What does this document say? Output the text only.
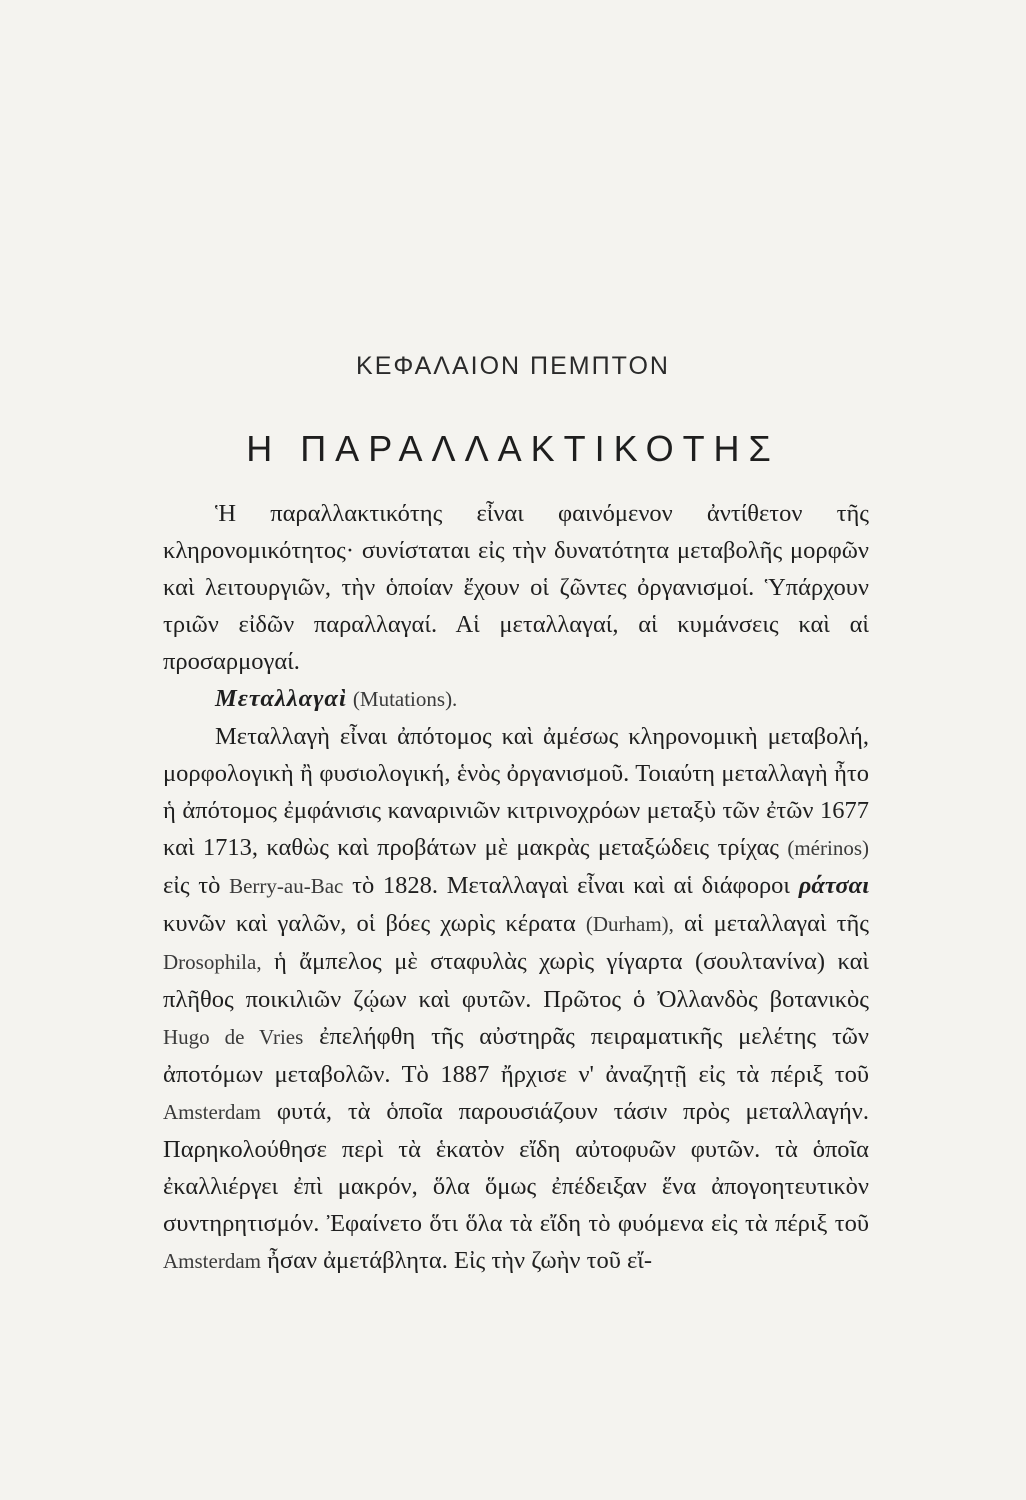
ΚΕΦΑΛΑΙΟΝ ΠΕΜΠΤΟΝ
Η ΠΑΡΑΛΛΑΚΤΙΚΟΤΗΣ

Ἡ παραλλακτικότης εἶναι φαινόμενον ἀντίθετον τῆς κληρονομικότητος· συνίσταται εἰς τὴν δυνατότητα μεταβολῆς μορφῶν καὶ λειτουργιῶν, τὴν ὁποίαν ἔχουν οἱ ζῶντες ὀργανισμοί. Ὑπάρχουν τριῶν εἰδῶν παραλλαγαί. Αἱ μεταλλαγαί, αἱ κυμάνσεις καὶ αἱ προσαρμογαί.

Μεταλλαγαὶ (Mutations).

Μεταλλαγὴ εἶναι ἀπότομος καὶ ἀμέσως κληρονομικὴ μεταβολή, μορφολογικὴ ἢ φυσιολογική, ἑνὸς ὀργανισμοῦ. Τοιαύτη μεταλλαγὴ ἦτο ἡ ἀπότομος ἐμφάνισις καναρινιῶν κιτρινοχρόων μεταξὺ τῶν ἐτῶν 1677 καὶ 1713, καθὼς καὶ προβάτων μὲ μακρὰς μεταξώδεις τρίχας (mérinos) εἰς τὸ Berry-au-Bac τὸ 1828. Μεταλλαγαὶ εἶναι καὶ αἱ διάφοροι ράτσαι κυνῶν καὶ γαλῶν, οἱ βόες χωρὶς κέρατα (Durham), αἱ μεταλλαγαὶ τῆς Drosophila, ἡ ἄμπελος μὲ σταφυλὰς χωρὶς γίγαρτα (σουλτανίνα) καὶ πλῆθος ποικιλιῶν ζῴων καὶ φυτῶν. Πρῶτος ὁ Ὀλλανδὸς βοτανικὸς Hugo de Vries ἐπελήφθη τῆς αὐστηρᾶς πειραματικῆς μελέτης τῶν ἀποτόμων μεταβολῶν. Τὸ 1887 ἤρχισε ν' ἀναζητῇ εἰς τὰ πέριξ τοῦ Amsterdam φυτά, τὰ ὁποῖα παρουσιάζουν τάσιν πρὸς μεταλλαγήν. Παρηκολούθησε περὶ τὰ ἑκατὸν εἴδη αὐτοφυῶν φυτῶν. τὰ ὁποῖα ἐκαλλιέργει ἐπὶ μακρόν, ὅλα ὅμως ἐπέδειξαν ἕνα ἀπογοητευτικὸν συντηρητισμόν. Ἐφαίνετο ὅτι ὅλα τὰ εἴδη τὸ φυόμενα εἰς τὰ πέριξ τοῦ Amsterdam ἦσαν ἀμετάβλητα. Εἰς τὴν ζωὴν τοῦ εἴ-
